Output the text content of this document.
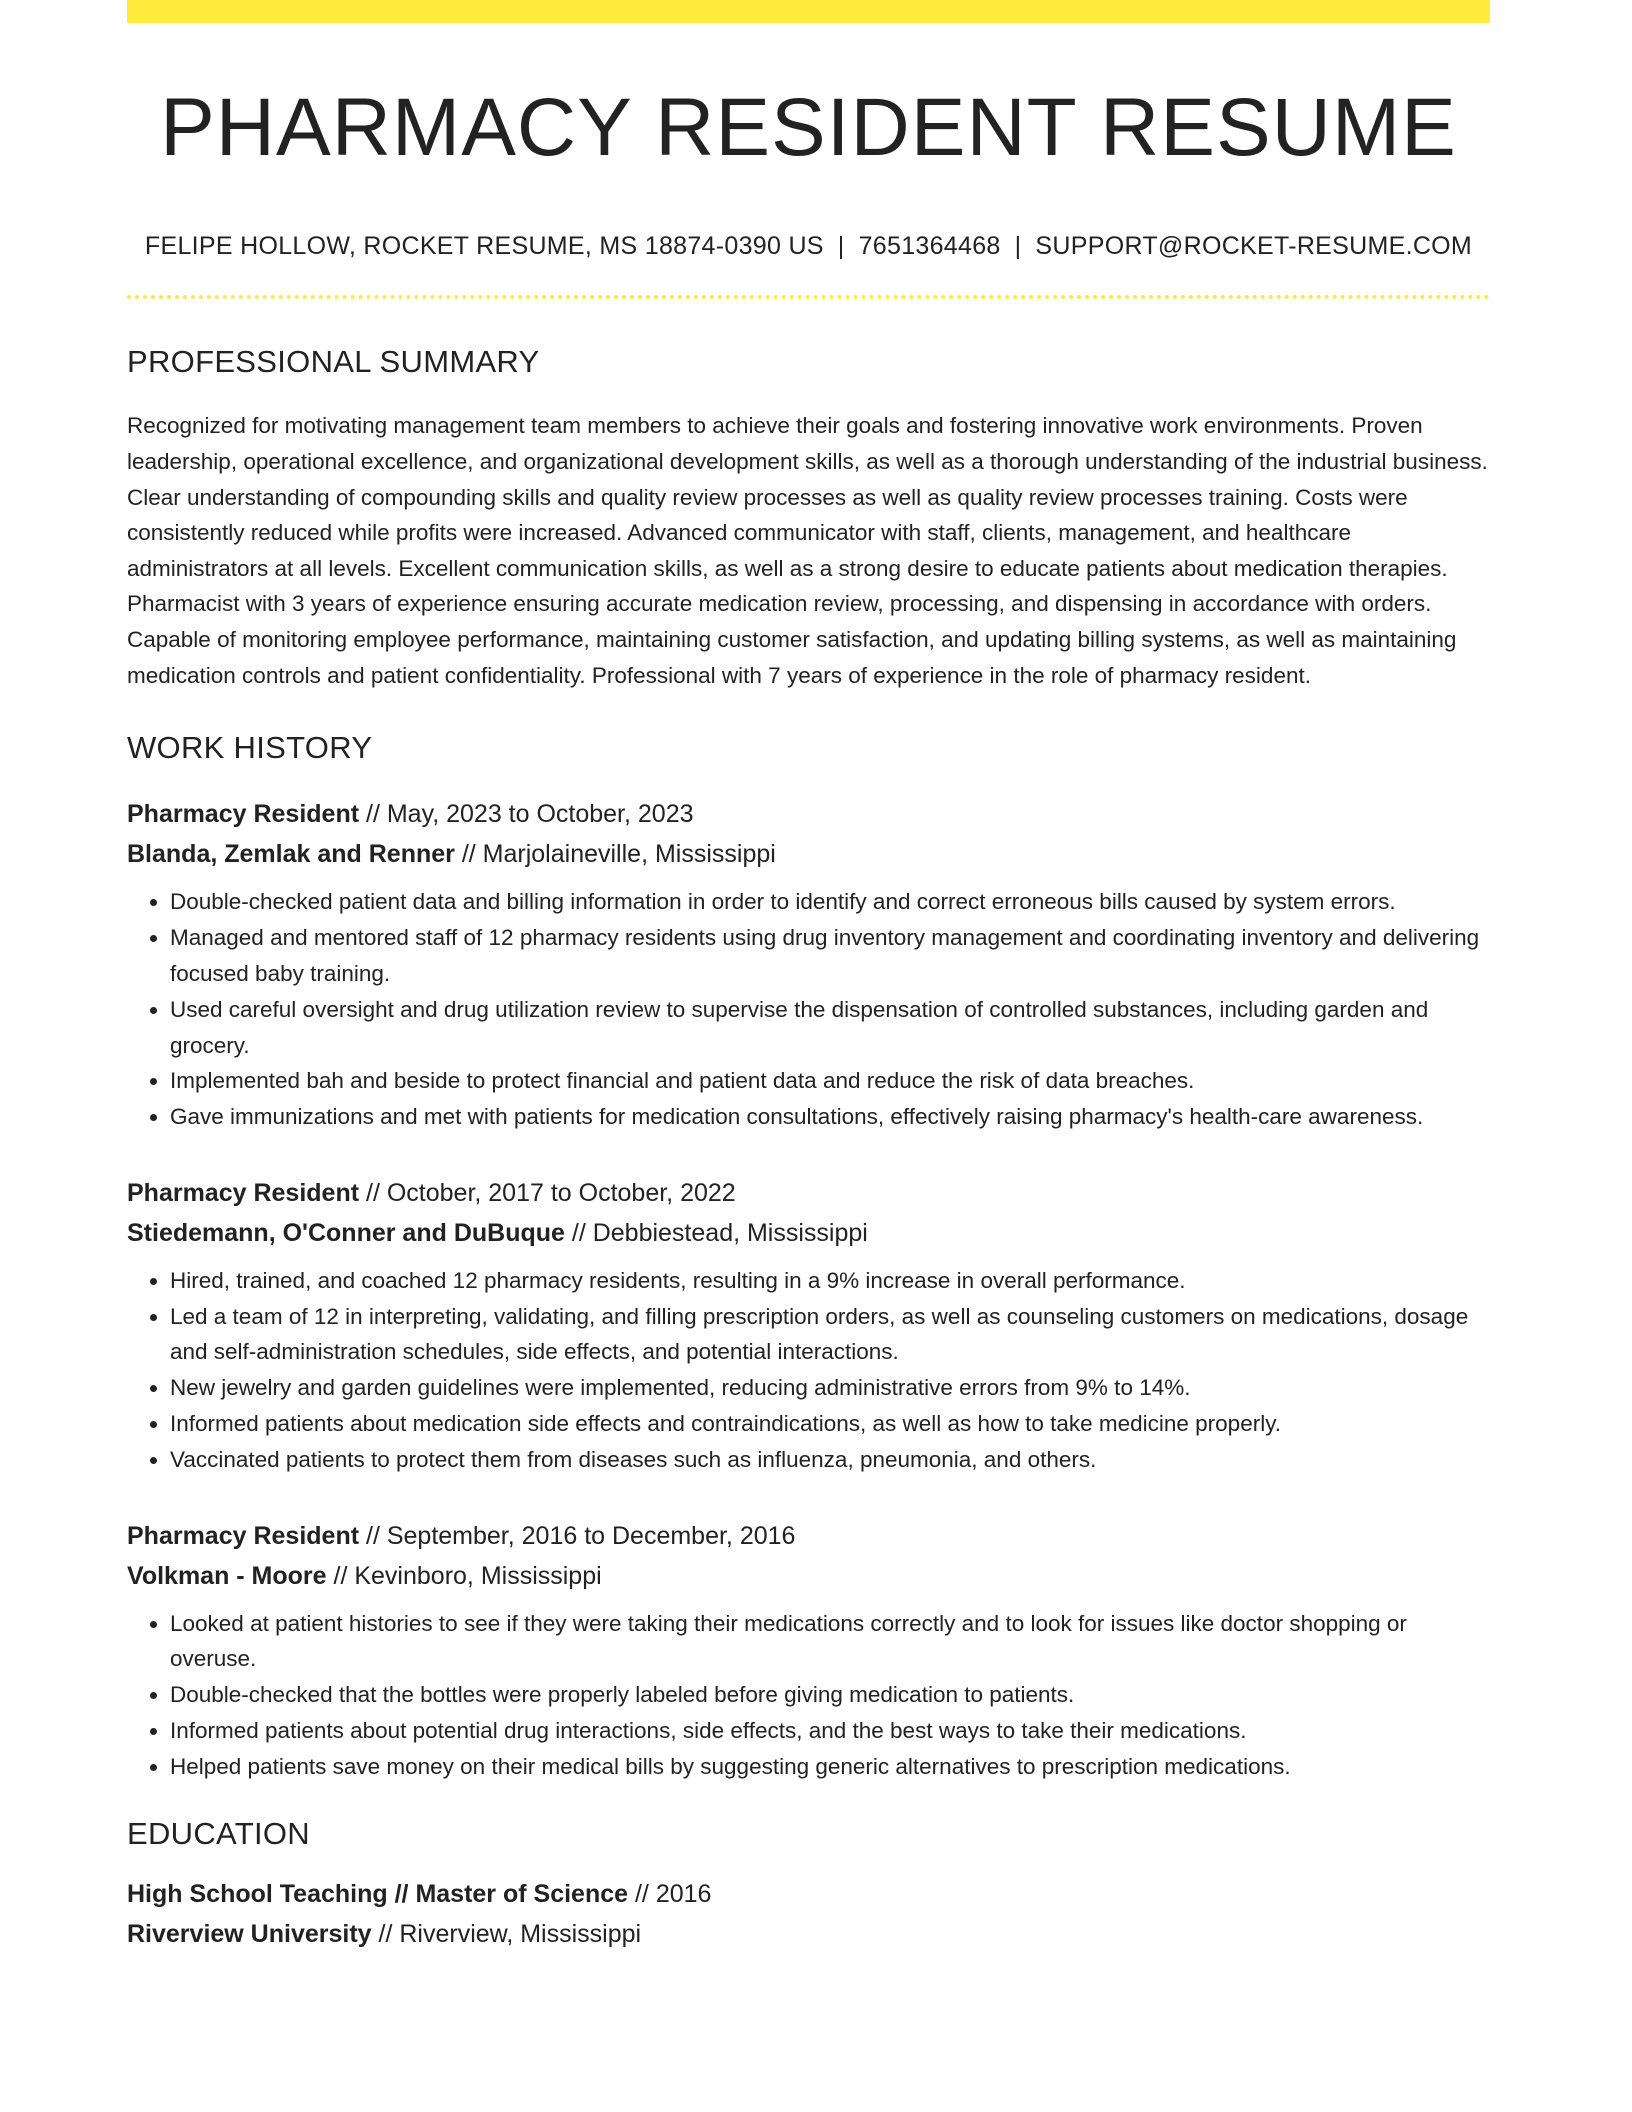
PHARMACY RESIDENT RESUME
FELIPE HOLLOW, ROCKET RESUME, MS 18874-0390 US | 7651364468 | SUPPORT@ROCKET-RESUME.COM
PROFESSIONAL SUMMARY
Recognized for motivating management team members to achieve their goals and fostering innovative work environments. Proven leadership, operational excellence, and organizational development skills, as well as a thorough understanding of the industrial business. Clear understanding of compounding skills and quality review processes as well as quality review processes training. Costs were consistently reduced while profits were increased. Advanced communicator with staff, clients, management, and healthcare administrators at all levels. Excellent communication skills, as well as a strong desire to educate patients about medication therapies. Pharmacist with 3 years of experience ensuring accurate medication review, processing, and dispensing in accordance with orders. Capable of monitoring employee performance, maintaining customer satisfaction, and updating billing systems, as well as maintaining medication controls and patient confidentiality. Professional with 7 years of experience in the role of pharmacy resident.
WORK HISTORY
Pharmacy Resident // May, 2023 to October, 2023
Blanda, Zemlak and Renner // Marjolaineville, Mississippi
• Double-checked patient data and billing information in order to identify and correct erroneous bills caused by system errors.
• Managed and mentored staff of 12 pharmacy residents using drug inventory management and coordinating inventory and delivering focused baby training.
• Used careful oversight and drug utilization review to supervise the dispensation of controlled substances, including garden and grocery.
• Implemented bah and beside to protect financial and patient data and reduce the risk of data breaches.
• Gave immunizations and met with patients for medication consultations, effectively raising pharmacy's health-care awareness.
Pharmacy Resident // October, 2017 to October, 2022
Stiedemann, O'Conner and DuBuque // Debbiestead, Mississippi
• Hired, trained, and coached 12 pharmacy residents, resulting in a 9% increase in overall performance.
• Led a team of 12 in interpreting, validating, and filling prescription orders, as well as counseling customers on medications, dosage and self-administration schedules, side effects, and potential interactions.
• New jewelry and garden guidelines were implemented, reducing administrative errors from 9% to 14%.
• Informed patients about medication side effects and contraindications, as well as how to take medicine properly.
• Vaccinated patients to protect them from diseases such as influenza, pneumonia, and others.
Pharmacy Resident // September, 2016 to December, 2016
Volkman - Moore // Kevinboro, Mississippi
• Looked at patient histories to see if they were taking their medications correctly and to look for issues like doctor shopping or overuse.
• Double-checked that the bottles were properly labeled before giving medication to patients.
• Informed patients about potential drug interactions, side effects, and the best ways to take their medications.
• Helped patients save money on their medical bills by suggesting generic alternatives to prescription medications.
EDUCATION
High School Teaching // Master of Science // 2016
Riverview University // Riverview, Mississippi
